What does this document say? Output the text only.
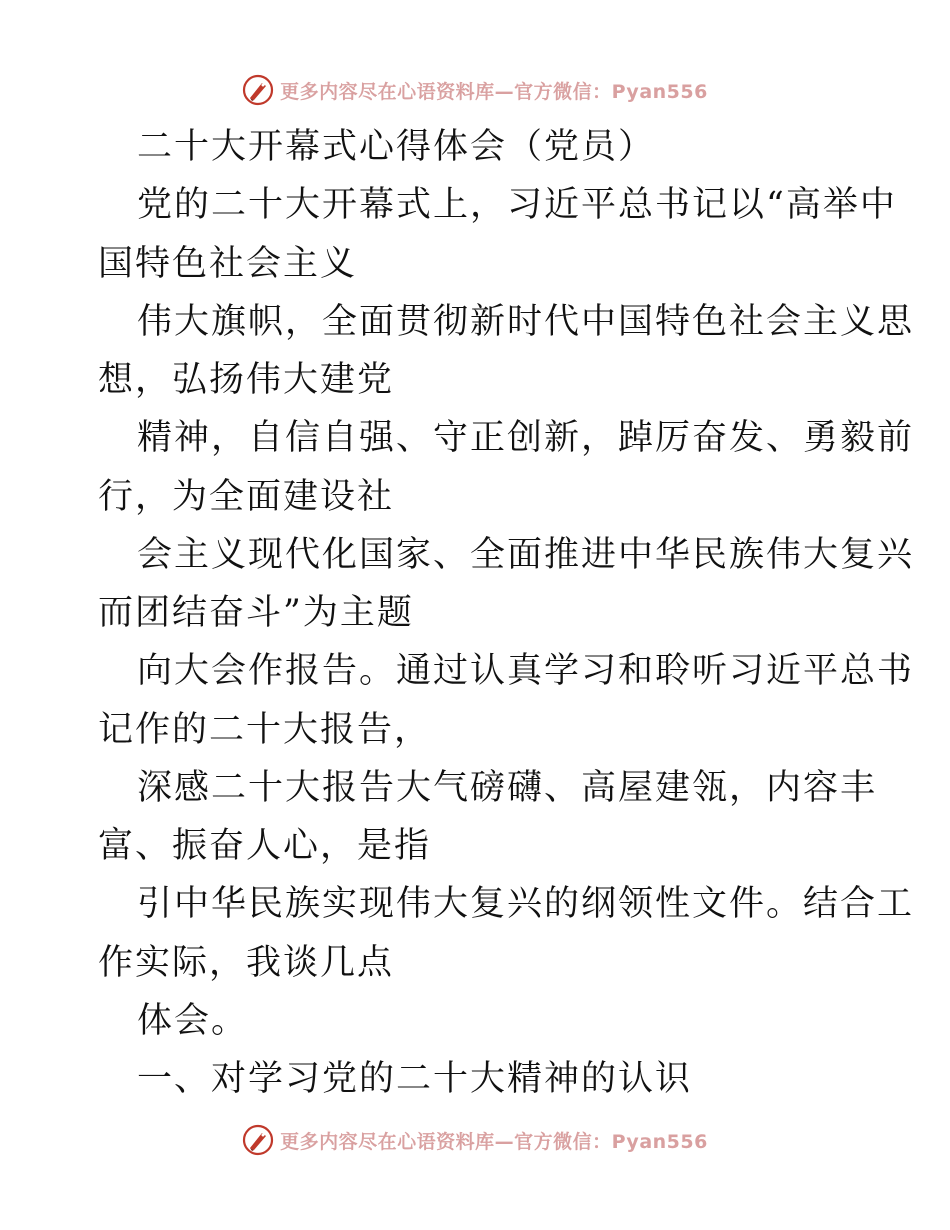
更多内容尽在心语资料库—官方微信：Pyan556
二十大开幕式心得体会（党员）
党的二十大开幕式上，习近平总书记以“高举中
国特色社会主义
伟大旗帜，全面贯彻新时代中国特色社会主义思
想，弘扬伟大建党
精神，自信自强、守正创新，踔厉奋发、勇毅前
行，为全面建设社
会主义现代化国家、全面推进中华民族伟大复兴
而团结奋斗”为主题
向大会作报告。通过认真学习和聆听习近平总书
记作的二十大报告，
深感二十大报告大气磅礴、高屋建瓴，内容丰
富、振奋人心，是指
引中华民族实现伟大复兴的纲领性文件。结合工
作实际，我谈几点
体会。
一、对学习党的二十大精神的认识
更多内容尽在心语资料库—官方微信：Pyan556
